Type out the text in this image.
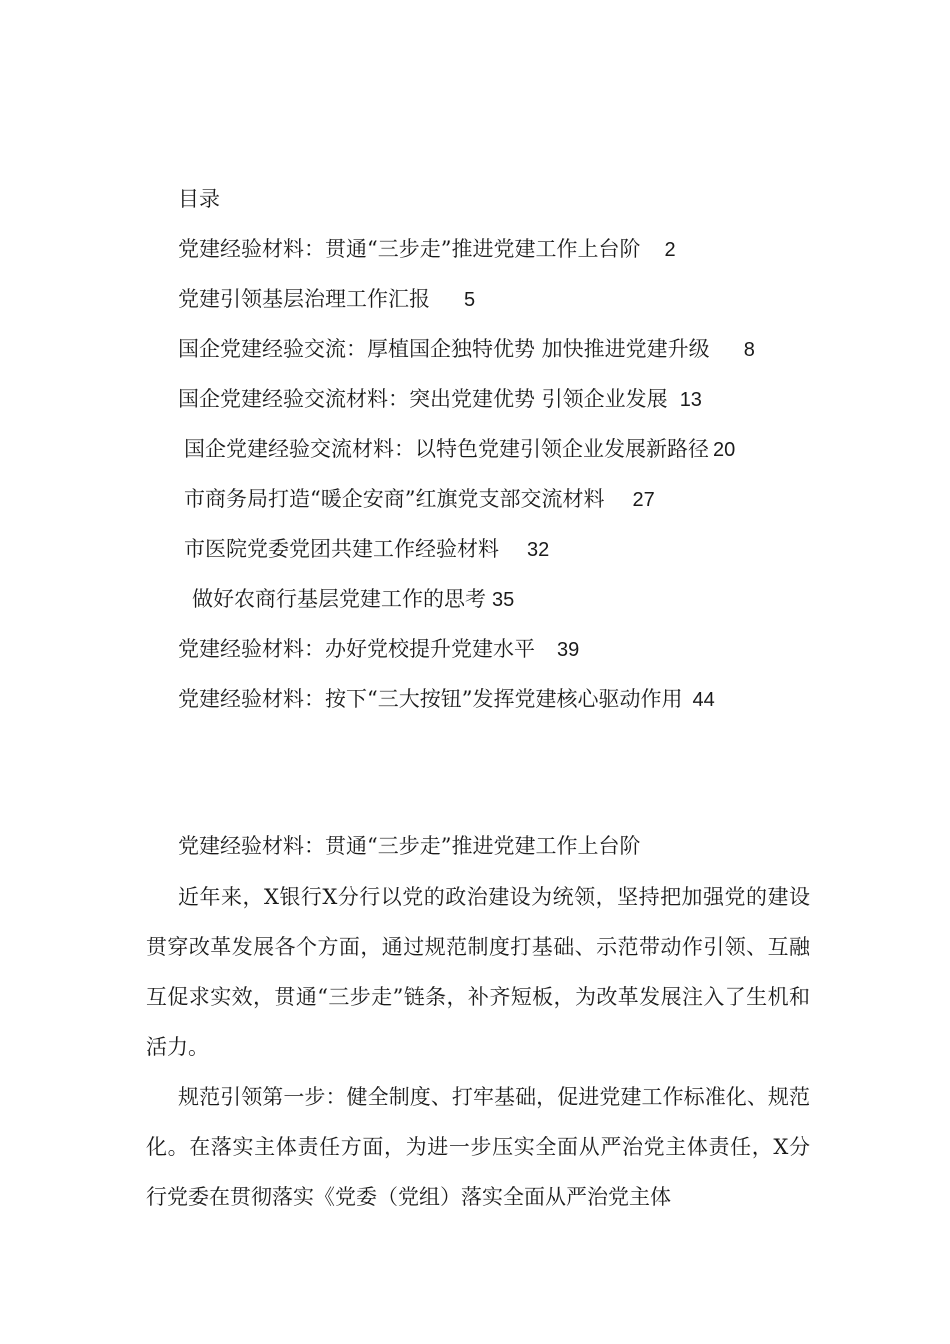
目录
党建经验材料：贯通“三步走”推进党建工作上台阶 2
党建引领基层治理工作汇报 5
国企党建经验交流：厚植国企独特优势 加快推进党建升级 8
国企党建经验交流材料：突出党建优势 引领企业发展 13
国企党建经验交流材料：以特色党建引领企业发展新路径 20
市商务局打造“暖企安商”红旗党支部交流材料 27
市医院党委党团共建工作经验材料 32
做好农商行基层党建工作的思考 35
党建经验材料：办好党校提升党建水平 39
党建经验材料：按下“三大按钮”发挥党建核心驱动作用 44
党建经验材料：贯通“三步走”推进党建工作上台阶
近年来，X银行X分行以党的政治建设为统领，坚持把加强党的建设贯穿改革发展各个方面，通过规范制度打基础、示范带动作引领、互融互促求实效，贯通“三步走”链条，补齐短板，为改革发展注入了生机和活力。
规范引领第一步：健全制度、打牢基础，促进党建工作标准化、规范化。在落实主体责任方面，为进一步压实全面从严治党主体责任，X分行党委在贯彻落实《党委（党组）落实全面从严治党主体
